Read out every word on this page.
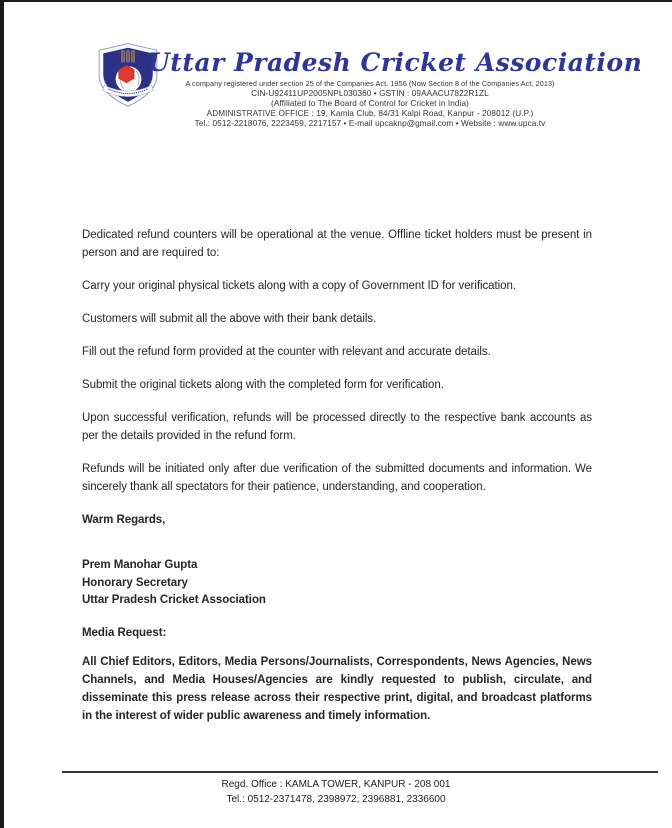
Uttar Pradesh Cricket Association
A company registered under section 25 of the Companies Act. 1956 (Now Section 8 of the Companies Act, 2013)
CIN-U92411UP2005NPL030360 • GSTIN : 09AAACU7822R1ZL
(Affiliated to The Board of Control for Cricket in India)
ADMINISTRATIVE OFFICE : 19, Kamla Club, 84/31 Kalpi Road, Kanpur - 208012 (U.P.)
Tel.: 0512-2218076, 2223459, 2217157 • E-mail upcaknp@gmail.com • Website : www.upca.tv

Dedicated refund counters will be operational at the venue. Offline ticket holders must be present in person and are required to:

Carry your original physical tickets along with a copy of Government ID for verification.

Customers will submit all the above with their bank details.

Fill out the refund form provided at the counter with relevant and accurate details.

Submit the original tickets along with the completed form for verification.

Upon successful verification, refunds will be processed directly to the respective bank accounts as per the details provided in the refund form.

Refunds will be initiated only after due verification of the submitted documents and information. We sincerely thank all spectators for their patience, understanding, and cooperation.

Warm Regards,

Prem Manohar Gupta
Honorary Secretary
Uttar Pradesh Cricket Association

Media Request:

All Chief Editors, Editors, Media Persons/Journalists, Correspondents, News Agencies, News Channels, and Media Houses/Agencies are kindly requested to publish, circulate, and disseminate this press release across their respective print, digital, and broadcast platforms in the interest of wider public awareness and timely information.

Regd. Office : KAMLA TOWER, KANPUR - 208 001
Tel.: 0512-2371478, 2398972, 2396881, 2336600
